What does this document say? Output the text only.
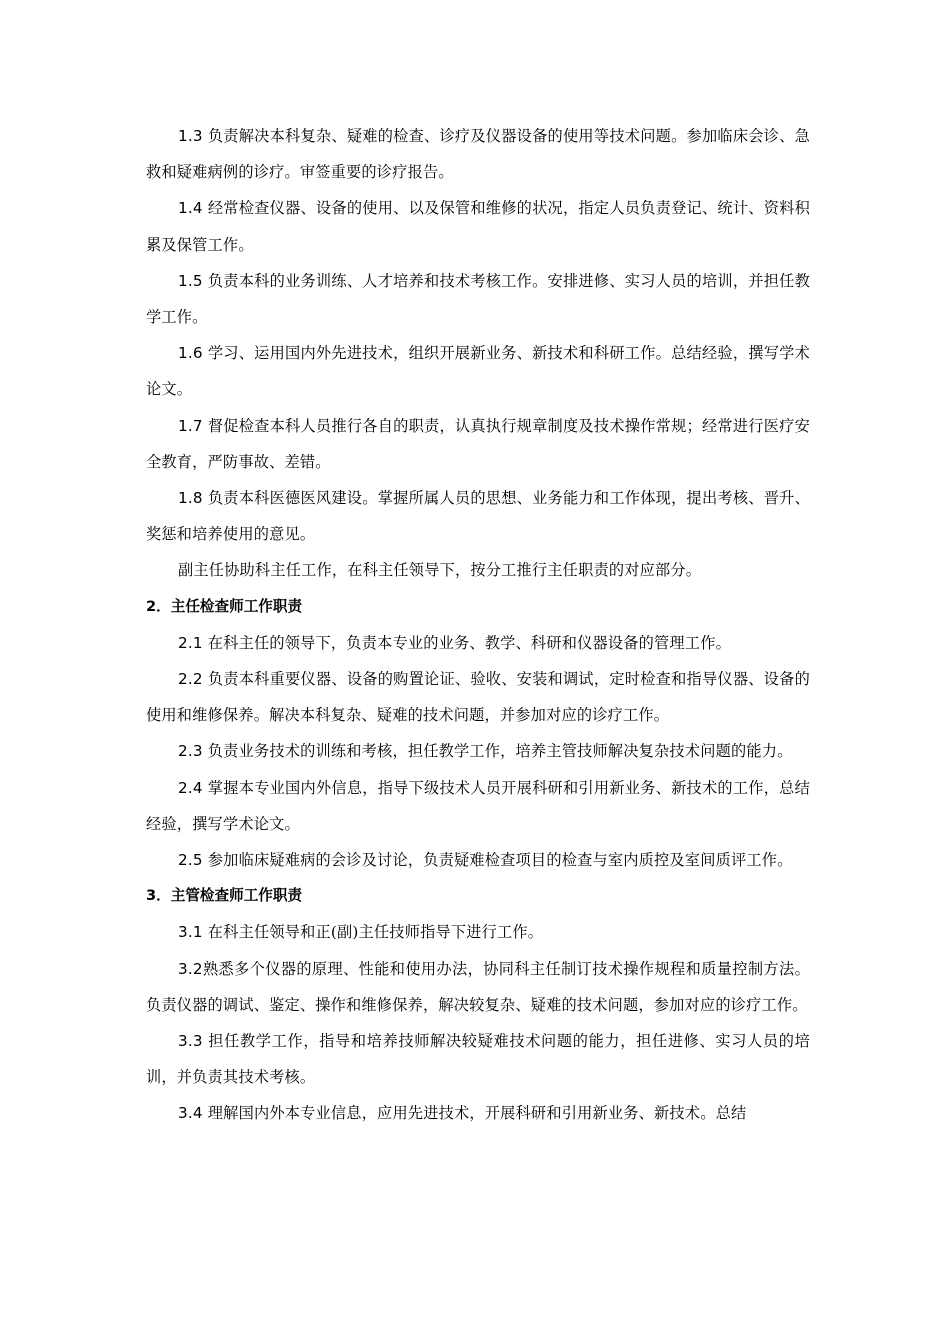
1.3 负责解决本科复杂、疑难的检查、诊疗及仪器设备的使用等技术问题。参加临床会诊、急救和疑难病例的诊疗。审签重要的诊疗报告。

1.4 经常检查仪器、设备的使用、以及保管和维修的状况，指定人员负责登记、统计、资料积累及保管工作。

1.5 负责本科的业务训练、人才培养和技术考核工作。安排进修、实习人员的培训，并担任教学工作。

1.6 学习、运用国内外先进技术，组织开展新业务、新技术和科研工作。总结经验，撰写学术论文。

1.7 督促检查本科人员推行各自的职责，认真执行规章制度及技术操作常规；经常进行医疗安全教育，严防事故、差错。

1.8 负责本科医德医风建设。掌握所属人员的思想、业务能力和工作体现，提出考核、晋升、奖惩和培养使用的意见。

副主任协助科主任工作，在科主任领导下，按分工推行主任职责的对应部分。

2．主任检查师工作职责

2.1 在科主任的领导下，负责本专业的业务、教学、科研和仪器设备的管理工作。

2.2 负责本科重要仪器、设备的购置论证、验收、安装和调试，定时检查和指导仪器、设备的使用和维修保养。解决本科复杂、疑难的技术问题，并参加对应的诊疗工作。

2.3 负责业务技术的训练和考核，担任教学工作，培养主管技师解决复杂技术问题的能力。

2.4 掌握本专业国内外信息，指导下级技术人员开展科研和引用新业务、新技术的工作，总结经验，撰写学术论文。

2.5 参加临床疑难病的会诊及讨论，负责疑难检查项目的检查与室内质控及室间质评工作。

3．主管检查师工作职责

3.1 在科主任领导和正(副)主任技师指导下进行工作。

3.2熟悉多个仪器的原理、性能和使用办法，协同科主任制订技术操作规程和质量控制方法。负责仪器的调试、鉴定、操作和维修保养，解决较复杂、疑难的技术问题，参加对应的诊疗工作。

3.3 担任教学工作，指导和培养技师解决较疑难技术问题的能力，担任进修、实习人员的培训，并负责其技术考核。

3.4 理解国内外本专业信息，应用先进技术，开展科研和引用新业务、新技术。总结
